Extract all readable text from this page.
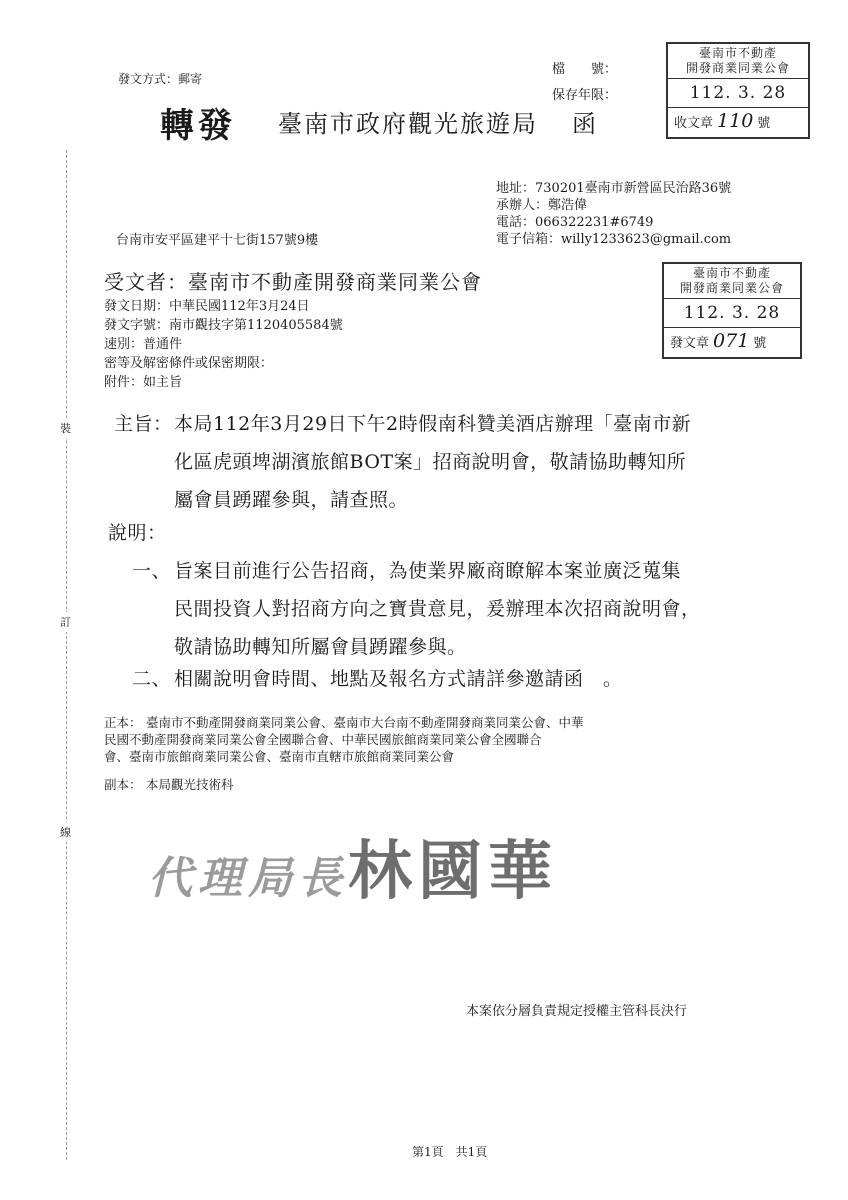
發文方式：郵寄
檔　　號：
保存年限：
轉發 臺南市政府觀光旅遊局 函
臺南市不動產
開發商業同業公會
112. 3. 28
收文章 110 號
地址：730201臺南市新營區民治路36號
承辦人：鄭浩偉
電話：066322231#6749
電子信箱：willy1233623@gmail.com
台南市安平區建平十七街157號9樓
受文者：臺南市不動產開發商業同業公會	臺南市不動產
開發商業同業公會
112. 3. 28
發文章 071 號
發文日期：中華民國112年3月24日
發文字號：南市觀技字第1120405584號
速別：普通件
密等及解密條件或保密期限：
附件：如主旨
裝
訂
線
主旨： 本局112年3月29日下午2時假南科贊美酒店辦理「臺南市新
化區虎頭埤湖濱旅館BOT案」招商說明會，敬請協助轉知所
屬會員踴躍參與，請查照。
說明：
一、 旨案目前進行公告招商，為使業界廠商瞭解本案並廣泛蒐集
民間投資人對招商方向之寶貴意見，爰辦理本次招商說明會，
敬請協助轉知所屬會員踴躍參與。
二、 相關說明會時間、地點及報名方式請詳參邀請函　。
正本： 臺南市不動產開發商業同業公會、臺南市大台南不動產開發商業同業公會、中華
民國不動產開發商業同業公會全國聯合會、中華民國旅館商業同業公會全國聯合
會、臺南市旅館商業同業公會、臺南市直轄市旅館商業同業公會
副本： 本局觀光技術科
代理局長林國華
本案依分層負責規定授權主管科長決行
第1頁　共1頁
